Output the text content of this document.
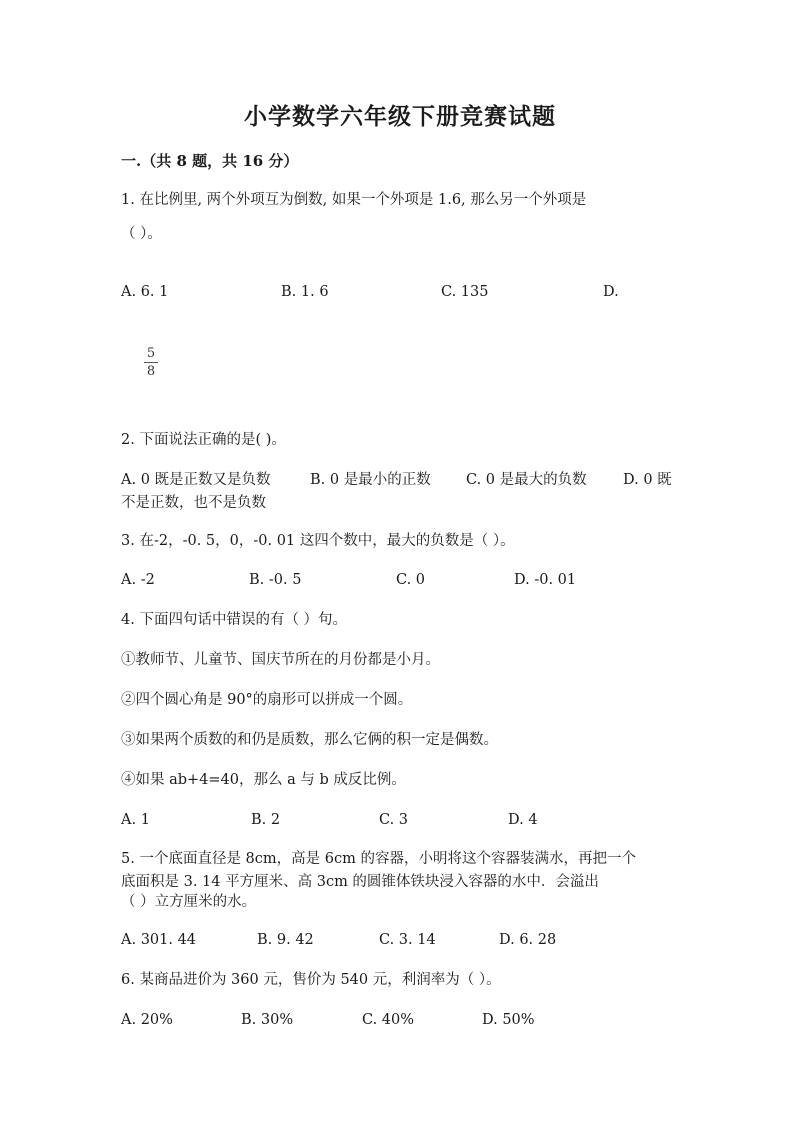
小学数学六年级下册竞赛试题
一.（共 8 题，共 16 分）
1. 在比例里, 两个外项互为倒数, 如果一个外项是 1.6, 那么另一个外项是
（ ）。
A. 6. 1	B. 1. 6	C. 135	D.
5
8
2. 下面说法正确的是( )。
A. 0 既是正数又是负数	B. 0 是最小的正数 C. 0 是最大的负数	D. 0 既
不是正数，也不是负数
3. 在-2，-0. 5，0，-0. 01 这四个数中，最大的负数是（ ）。
A. -2	B. -0. 5	C. 0	D. -0. 01
4. 下面四句话中错误的有（ ）句。
①教师节、儿童节、国庆节所在的月份都是小月。
②四个圆心角是 90°的扇形可以拼成一个圆。
③如果两个质数的和仍是质数，那么它俩的积一定是偶数。
④如果 ab+4=40，那么 a 与 b 成反比例。
A. 1	B. 2	C. 3	D. 4
5. 一个底面直径是 8cm，高是 6cm 的容器，小明将这个容器装满水，再把一个
底面积是 3. 14 平方厘米、高 3cm 的圆锥体铁块浸入容器的水中．会溢出
（ ）立方厘米的水。
A. 301. 44	B. 9. 42	C. 3. 14	D. 6. 28
6. 某商品进价为 360 元，售价为 540 元，利润率为（ ）。
A. 20%	B. 30%	C. 40%	D. 50%
